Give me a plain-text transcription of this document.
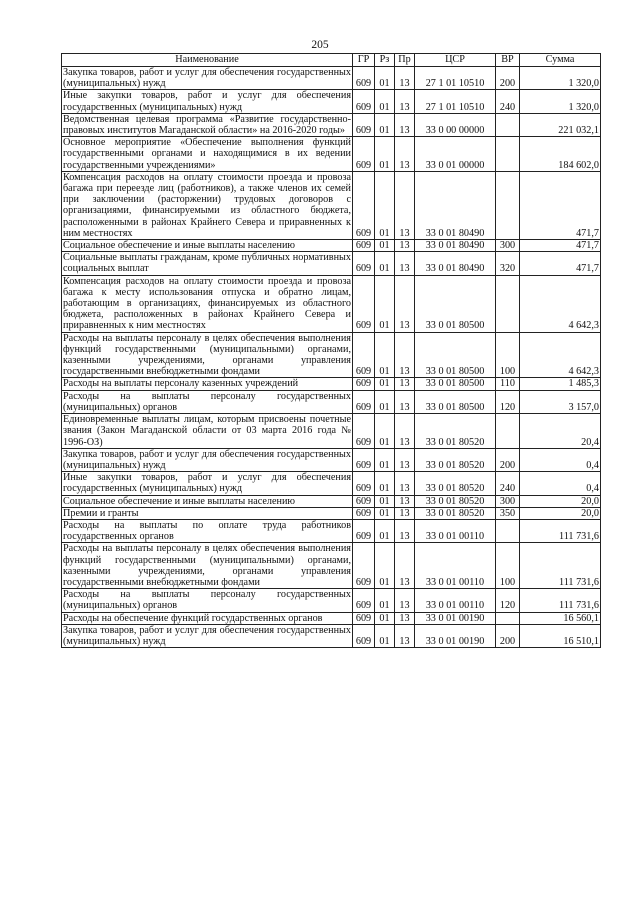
205
Наименование	ГР	Рз	Пр	ЦСР	ВР	Сумма
Закупка товаров, работ и услуг для обеспечения государственных (муниципальных) нужд	609	01	13	27 1 01 10510	200	1 320,0
Иные закупки товаров, работ и услуг для обеспечения государственных (муниципальных) нужд	609	01	13	27 1 01 10510	240	1 320,0
Ведомственная целевая программа «Развитие государственно-правовых институтов Магаданской области» на 2016-2020 годы»	609	01	13	33 0 00 00000		221 032,1
Основное мероприятие «Обеспечение выполнения функций государственными органами и находящимися в их ведении государственными учреждениями»	609	01	13	33 0 01 00000		184 602,0
Компенсация расходов на оплату стоимости проезда и провоза багажа при переезде лиц (работников), а также членов их семей при заключении (расторжении) трудовых договоров с организациями, финансируемыми из областного бюджета, расположенными в районах Крайнего Севера и приравненных к ним местностях	609	01	13	33 0 01 80490		471,7
Социальное обеспечение и иные выплаты населению	609	01	13	33 0 01 80490	300	471,7
Социальные выплаты гражданам, кроме публичных нормативных социальных выплат	609	01	13	33 0 01 80490	320	471,7
Компенсация расходов на оплату стоимости проезда и провоза багажа к месту использования отпуска и обратно лицам, работающим в организациях, финансируемых из областного бюджета, расположенных в районах Крайнего Севера и приравненных к ним местностях	609	01	13	33 0 01 80500		4 642,3
Расходы на выплаты персоналу в целях обеспечения выполнения функций государственными (муниципальными) органами, казенными учреждениями, органами управления государственными внебюджетными фондами	609	01	13	33 0 01 80500	100	4 642,3
Расходы на выплаты персоналу казенных учреждений	609	01	13	33 0 01 80500	110	1 485,3
Расходы на выплаты персоналу государственных (муниципальных) органов	609	01	13	33 0 01 80500	120	3 157,0
Единовременные выплаты лицам, которым присвоены почетные звания (Закон Магаданской области от 03 марта 2016 года № 1996-ОЗ)	609	01	13	33 0 01 80520		20,4
Закупка товаров, работ и услуг для обеспечения государственных (муниципальных) нужд	609	01	13	33 0 01 80520	200	0,4
Иные закупки товаров, работ и услуг для обеспечения государственных (муниципальных) нужд	609	01	13	33 0 01 80520	240	0,4
Социальное обеспечение и иные выплаты населению	609	01	13	33 0 01 80520	300	20,0
Премии и гранты	609	01	13	33 0 01 80520	350	20,0
Расходы на выплаты по оплате труда работников государственных органов	609	01	13	33 0 01 00110		111 731,6
Расходы на выплаты персоналу в целях обеспечения выполнения функций государственными (муниципальными) органами, казенными учреждениями, органами управления государственными внебюджетными фондами	609	01	13	33 0 01 00110	100	111 731,6
Расходы на выплаты персоналу государственных (муниципальных) органов	609	01	13	33 0 01 00110	120	111 731,6
Расходы на обеспечение функций государственных органов	609	01	13	33 0 01 00190		16 560,1
Закупка товаров, работ и услуг для обеспечения государственных (муниципальных) нужд	609	01	13	33 0 01 00190	200	16 510,1
